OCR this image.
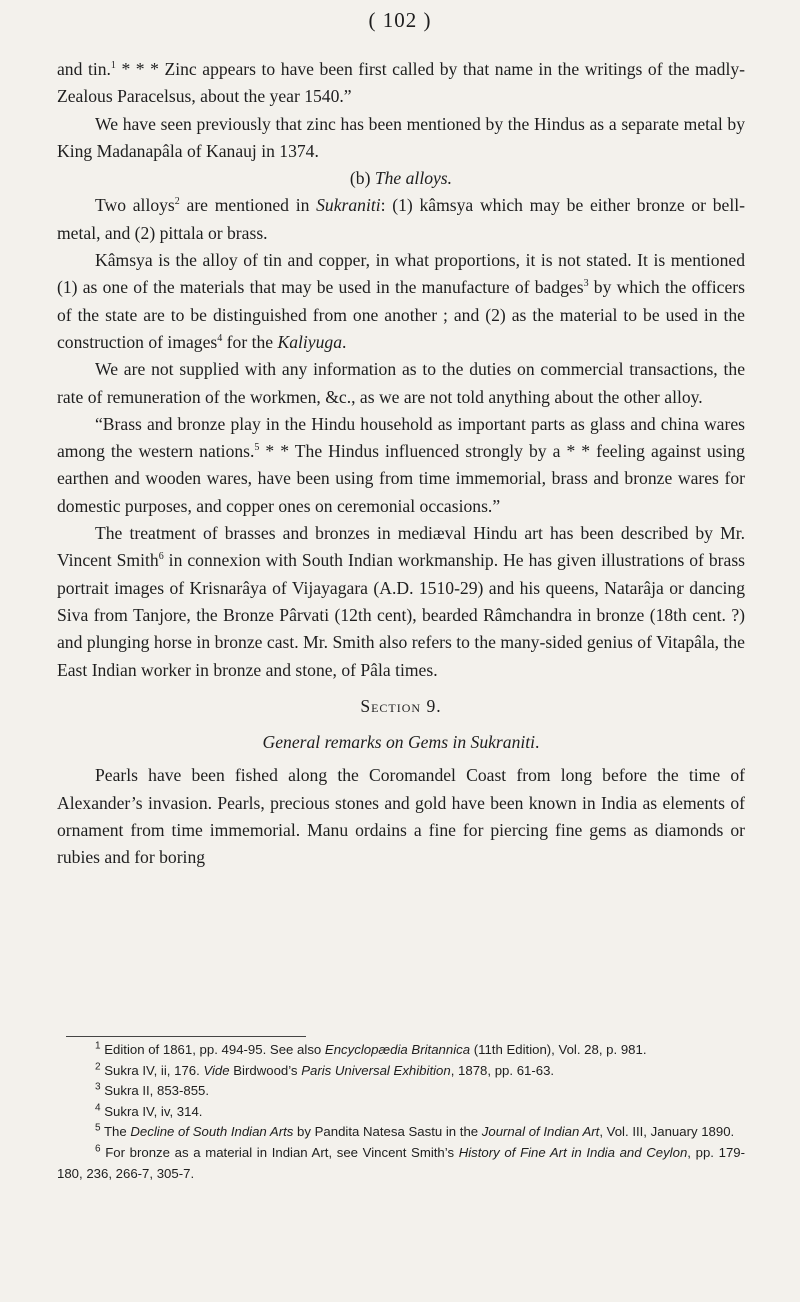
( 102 )

and tin.$^1$ * * * Zinc appears to have been first called by that name in the writings of the madly-Zealous Paracelsus, about the year 1540.”

We have seen previously that zinc has been mentioned by the Hindus as a separate metal by King Madanapâla of Kanauj in 1374.

(b) The alloys.

Two alloys$^2$ are mentioned in Sukraniti: (1) kâmsya which may be either bronze or bell-metal, and (2) pittala or brass.

Kâmsya is the alloy of tin and copper, in what proportions, it is not stated. It is mentioned (1) as one of the materials that may be used in the manufacture of badges$^3$ by which the officers of the state are to be distinguished from one another ; and (2) as the material to be used in the construction of images$^4$ for the Kaliyuga.

We are not supplied with any information as to the duties on commercial transactions, the rate of remuneration of the workmen, &c., as we are not told anything about the other alloy.

“Brass and bronze play in the Hindu household as important parts as glass and china wares among the western nations.$^5$ * * The Hindus influenced strongly by a * * feeling against using earthen and wooden wares, have been using from time immemorial, brass and bronze wares for domestic purposes, and copper ones on ceremonial occasions.”

The treatment of brasses and bronzes in mediæval Hindu art has been described by Mr. Vincent Smith$^6$ in connexion with South Indian workmanship. He has given illustrations of brass portrait images of Krisnarâya of Vijayagara (A.D. 1510-29) and his queens, Natarâja or dancing Siva from Tanjore, the Bronze Pârvati (12th cent), bearded Râmchandra in bronze (18th cent. ?) and plunging horse in bronze cast. Mr. Smith also refers to the many-sided genius of Vitapâla, the East Indian worker in bronze and stone, of Pâla times.

Section 9.

General remarks on Gems in Sukraniti.

Pearls have been fished along the Coromandel Coast from long before the time of Alexander’s invasion. Pearls, precious stones and gold have been known in India as elements of ornament from time immemorial. Manu ordains a fine for piercing fine gems as diamonds or rubies and for boring

$^1$ Edition of 1861, pp. 494-95. See also Encyclopædia Britannica (11th Edition), Vol. 28, p. 981.

$^2$ Sukra IV, ii, 176. Vide Birdwood’s Paris Universal Exhibition, 1878, pp. 61-63.

$^3$ Sukra II, 853-855.

$^4$ Sukra IV, iv, 314.

$^5$ The Decline of South Indian Arts by Pandita Natesa Sastu in the Journal of Indian Art, Vol. III, January 1890.

$^6$ For bronze as a material in Indian Art, see Vincent Smith’s History of Fine Art in India and Ceylon, pp. 179-180, 236, 266-7, 305-7.
